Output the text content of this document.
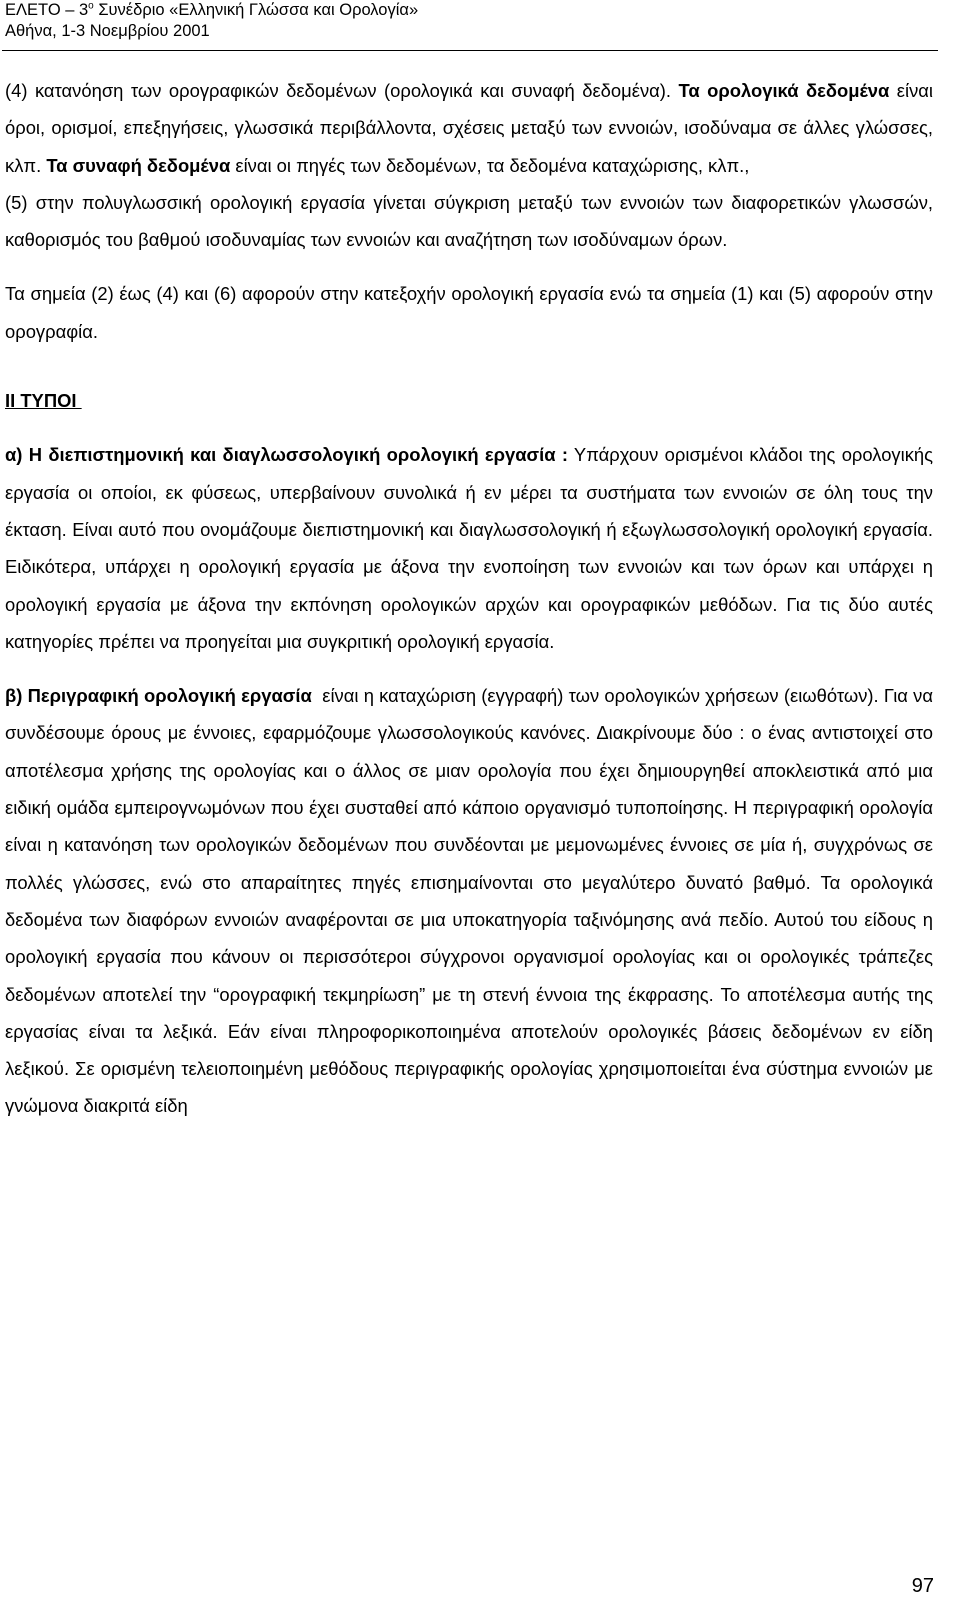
ΕΛΕΤΟ – $3^o$ Συνέδριο «Ελληνική Γλώσσα και Ορολογία»
Αθήνα, 1-3 Νοεμβρίου 2001

(4) κατανόηση των ορογραφικών δεδομένων (ορολογικά και συναφή δεδομένα). Τα ορολογικά δεδομένα είναι όροι, ορισμοί, επεξηγήσεις, γλωσσικά περιβάλλοντα, σχέσεις μεταξύ των εννοιών, ισοδύναμα σε άλλες γλώσσες, κλπ. Τα συναφή δεδομένα είναι οι πηγές των δεδομένων, τα δεδομένα καταχώρισης, κλπ.,

(5) στην πολυγλωσσική ορολογική εργασία γίνεται σύγκριση μεταξύ των εννοιών των διαφορετικών γλωσσών, καθορισμός του βαθμού ισοδυναμίας των εννοιών και αναζήτηση των ισοδύναμων όρων.

Τα σημεία (2) έως (4) και (6) αφορούν στην κατεξοχήν ορολογική εργασία ενώ τα σημεία (1) και (5) αφορούν στην ορογραφία.

II ΤΥΠΟΙ

α) Η διεπιστημονική και διαγλωσσολογική ορολογική εργασία : Υπάρχουν ορισμένοι κλάδοι της ορολογικής εργασία οι οποίοι, εκ φύσεως, υπερβαίνουν συνολικά ή εν μέρει τα συστήματα των εννοιών σε όλη τους την έκταση. Είναι αυτό που ονομάζουμε διεπιστημονική και διαγλωσσολογική ή εξωγλωσσολογική ορολογική εργασία. Ειδικότερα, υπάρχει η ορολογική εργασία με άξονα την ενοποίηση των εννοιών και των όρων και υπάρχει η ορολογική εργασία με άξονα την εκπόνηση ορολογικών αρχών και ορογραφικών μεθόδων. Για τις δύο αυτές κατηγορίες πρέπει να προηγείται μια συγκριτική ορολογική εργασία.

β) Περιγραφική ορολογική εργασία  είναι η καταχώριση (εγγραφή) των ορολογικών χρήσεων (ειωθότων). Για να συνδέσουμε όρους με έννοιες, εφαρμόζουμε γλωσσολογικούς κανόνες. Διακρίνουμε δύο : ο ένας αντιστοιχεί στο αποτέλεσμα χρήσης της ορολογίας και ο άλλος σε μιαν ορολογία που έχει δημιουργηθεί αποκλειστικά από μια ειδική ομάδα εμπειρογνωμόνων που έχει συσταθεί από κάποιο οργανισμό τυποποίησης. Η περιγραφική ορολογία είναι η κατανόηση των ορολογικών δεδομένων που συνδέονται με μεμονωμένες έννοιες σε μία ή, συγχρόνως σε πολλές γλώσσες, ενώ στο απαραίτητες πηγές επισημαίνονται στο μεγαλύτερο δυνατό βαθμό. Τα ορολογικά δεδομένα των διαφόρων εννοιών αναφέρονται σε μια υποκατηγορία ταξινόμησης ανά πεδίο. Αυτού του είδους η ορολογική εργασία που κάνουν οι περισσότεροι σύγχρονοι οργανισμοί ορολογίας και οι ορολογικές τράπεζες δεδομένων αποτελεί την “ορογραφική τεκμηρίωση” με τη στενή έννοια της έκφρασης. Το αποτέλεσμα αυτής της εργασίας είναι τα λεξικά. Εάν είναι πληροφορικοποιημένα αποτελούν ορολογικές βάσεις δεδομένων εν είδη λεξικού. Σε ορισμένη τελειοποιημένη μεθόδους περιγραφικής ορολογίας χρησιμοποιείται ένα σύστημα εννοιών με γνώμονα διακριτά είδη

97
